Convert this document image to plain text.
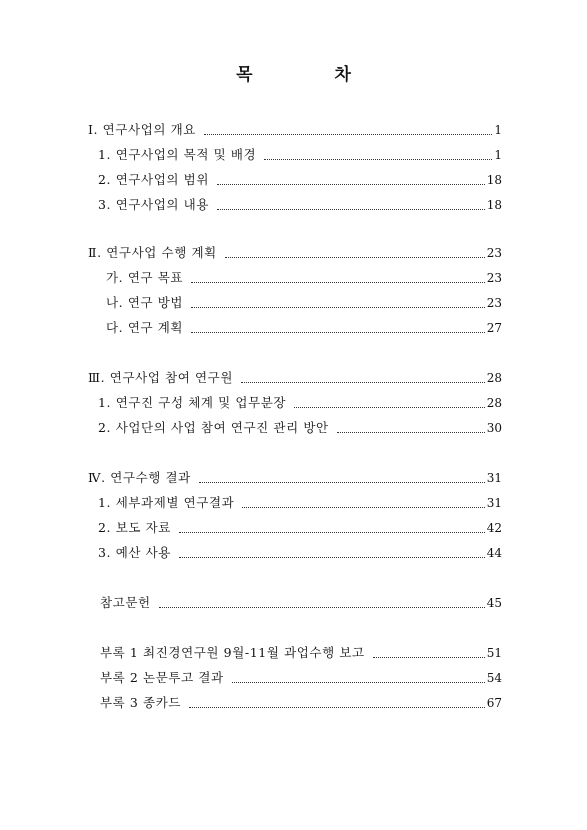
목 차
Ⅰ. 연구사업의 개요	1
1. 연구사업의 목적 및 배경	1
2. 연구사업의 범위	18
3. 연구사업의 내용	18
Ⅱ. 연구사업 수행 계획	23
가. 연구 목표	23
나. 연구 방법	23
다. 연구 계획	27
Ⅲ. 연구사업 참여 연구원	28
1. 연구진 구성 체계 및 업무분장	28
2. 사업단의 사업 참여 연구진 관리 방안	30
Ⅳ. 연구수행 결과	31
1. 세부과제별 연구결과	31
2. 보도 자료	42
3. 예산 사용	44
참고문헌	45
부록 1 최진경연구원 9월-11월 과업수행 보고	51
부록 2 논문투고 결과	54
부록 3 종카드	67
